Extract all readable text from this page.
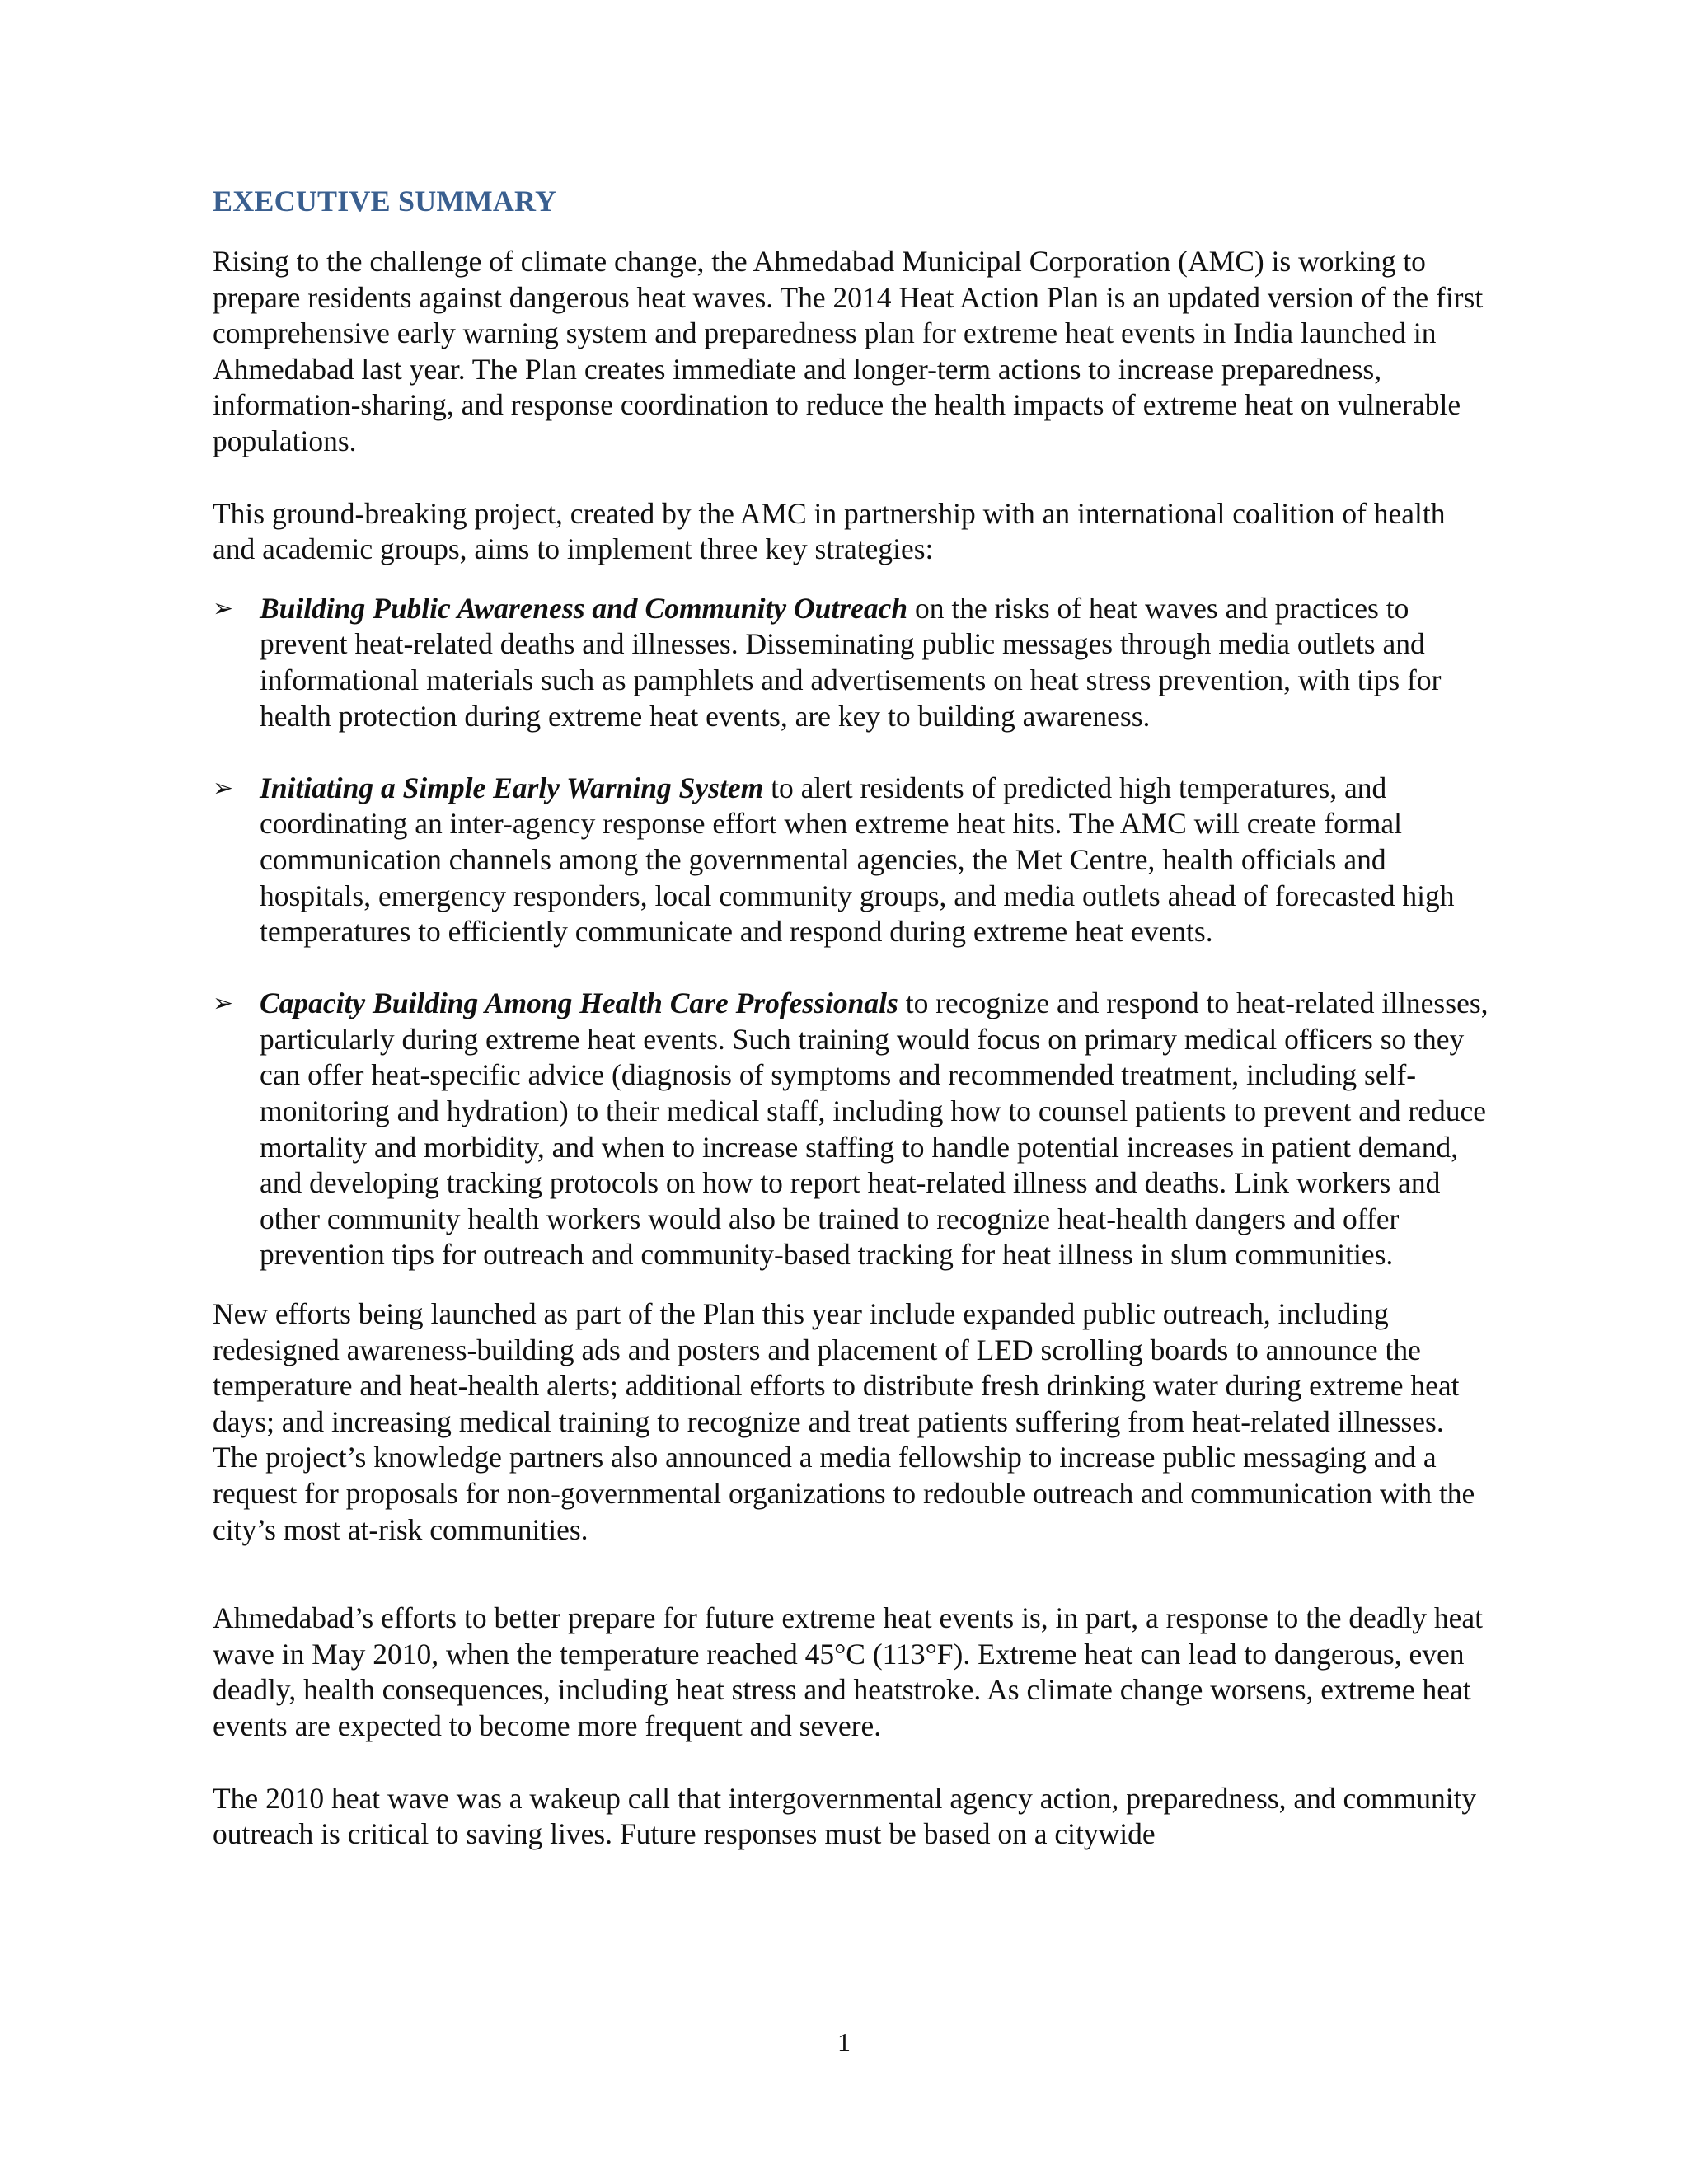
EXECUTIVE SUMMARY

Rising to the challenge of climate change, the Ahmedabad Municipal Corporation (AMC) is working to prepare residents against dangerous heat waves. The 2014 Heat Action Plan is an updated version of the first comprehensive early warning system and preparedness plan for extreme heat events in India launched in Ahmedabad last year. The Plan creates immediate and longer-term actions to increase preparedness, information-sharing, and response coordination to reduce the health impacts of extreme heat on vulnerable populations.

This ground-breaking project, created by the AMC in partnership with an international coalition of health and academic groups, aims to implement three key strategies:

➢ Building Public Awareness and Community Outreach on the risks of heat waves and practices to prevent heat-related deaths and illnesses. Disseminating public messages through media outlets and informational materials such as pamphlets and advertisements on heat stress prevention, with tips for health protection during extreme heat events, are key to building awareness.
➢ Initiating a Simple Early Warning System to alert residents of predicted high temperatures, and coordinating an inter-agency response effort when extreme heat hits. The AMC will create formal communication channels among the governmental agencies, the Met Centre, health officials and hospitals, emergency responders, local community groups, and media outlets ahead of forecasted high temperatures to efficiently communicate and respond during extreme heat events.
➢ Capacity Building Among Health Care Professionals to recognize and respond to heat-related illnesses, particularly during extreme heat events. Such training would focus on primary medical officers so they can offer heat-specific advice (diagnosis of symptoms and recommended treatment, including self-monitoring and hydration) to their medical staff, including how to counsel patients to prevent and reduce mortality and morbidity, and when to increase staffing to handle potential increases in patient demand, and developing tracking protocols on how to report heat-related illness and deaths. Link workers and other community health workers would also be trained to recognize heat-health dangers and offer prevention tips for outreach and community-based tracking for heat illness in slum communities.

New efforts being launched as part of the Plan this year include expanded public outreach, including redesigned awareness-building ads and posters and placement of LED scrolling boards to announce the temperature and heat-health alerts; additional efforts to distribute fresh drinking water during extreme heat days; and increasing medical training to recognize and treat patients suffering from heat-related illnesses. The project’s knowledge partners also announced a media fellowship to increase public messaging and a request for proposals for non-governmental organizations to redouble outreach and communication with the city’s most at-risk communities.

Ahmedabad’s efforts to better prepare for future extreme heat events is, in part, a response to the deadly heat wave in May 2010, when the temperature reached 45°C (113°F). Extreme heat can lead to dangerous, even deadly, health consequences, including heat stress and heatstroke. As climate change worsens, extreme heat events are expected to become more frequent and severe.

The 2010 heat wave was a wakeup call that intergovernmental agency action, preparedness, and community outreach is critical to saving lives. Future responses must be based on a citywide

1
